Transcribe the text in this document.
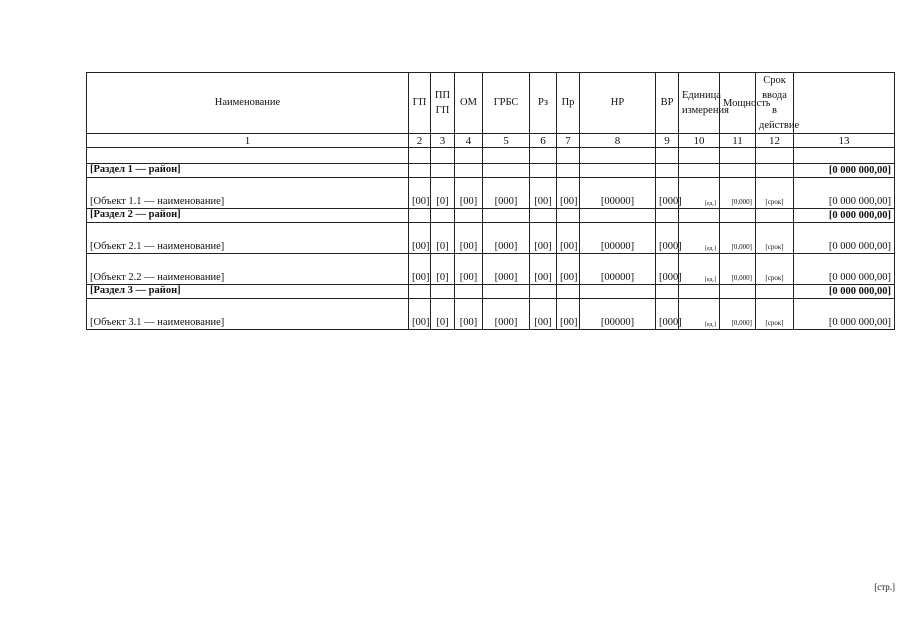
Наименование	ГП	ПП ГП	ОМ	ГРБС	Рз	Пр	НР	ВР	Единица измерения	Мощность	Срок ввода в действие	
1	2	3	4	5	6	7	8	9	10	11	12	13

[Раздел 1 — район]												[0 000 000,00]
[Объект 1.1 — наименование]	[00]	[0]	[00]	[000]	[00]	[00]	[00000]	[000]	[ед.]	[0,000]	[срок]	[0 000 000,00]
[Раздел 2 — район]												[0 000 000,00]
[Объект 2.1 — наименование]	[00]	[0]	[00]	[000]	[00]	[00]	[00000]	[000]	[ед.]	[0,000]	[срок]	[0 000 000,00]
[Объект 2.2 — наименование]	[00]	[0]	[00]	[000]	[00]	[00]	[00000]	[000]	[ед.]	[0,000]	[срок]	[0 000 000,00]
[Раздел 3 — район]												[0 000 000,00]
[Объект 3.1 — наименование]	[00]	[0]	[00]	[000]	[00]	[00]	[00000]	[000]	[ед.]	[0,000]	[срок]	[0 000 000,00]
[стр.]
